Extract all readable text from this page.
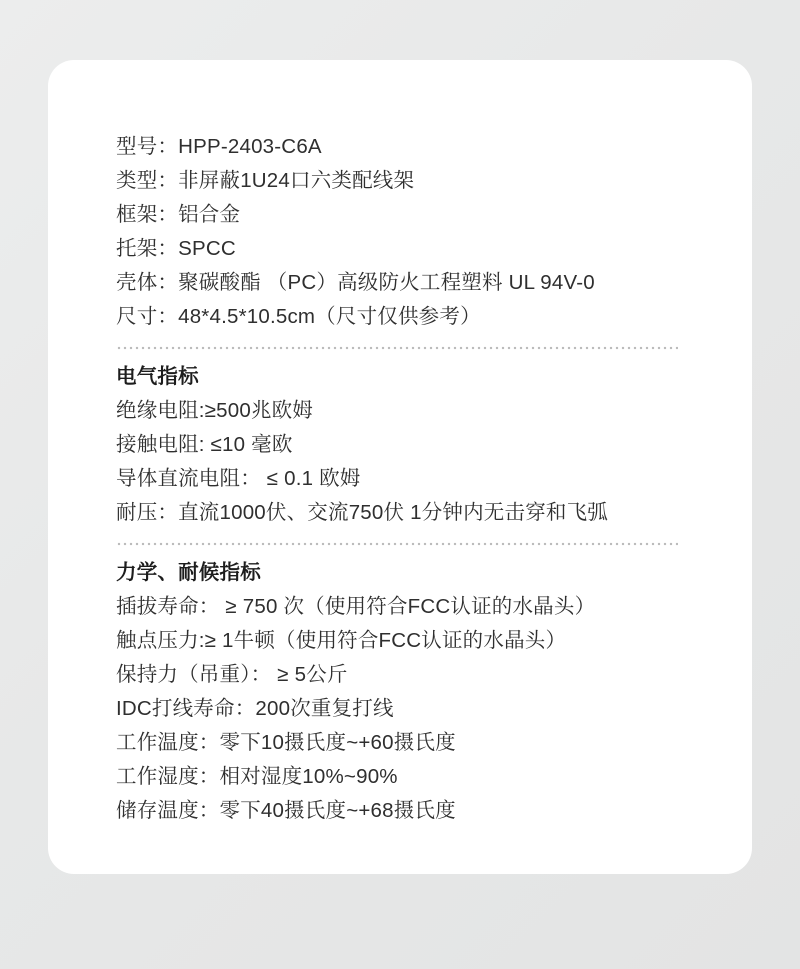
型号：HPP-2403-C6A
类型：非屏蔽1U24口六类配线架
框架：铝合金
托架：SPCC
壳体：聚碳酸酯 （PC）高级防火工程塑料 UL 94V-0
尺寸：48*4.5*10.5cm（尺寸仅供参考）
电气指标
绝缘电阻:≥500兆欧姆
接触电阻: ≤10 毫欧
导体直流电阻： ≤ 0.1 欧姆
耐压：直流1000伏、交流750伏 1分钟内无击穿和飞弧
力学、耐候指标
插拔寿命： ≥ 750 次（使用符合FCC认证的水晶头）
触点压力:≥ 1牛顿（使用符合FCC认证的水晶头）
保持力（吊重）： ≥ 5公斤
IDC打线寿命：200次重复打线
工作温度：零下10摄氏度~+60摄氏度
工作湿度：相对湿度10%~90%
储存温度：零下40摄氏度~+68摄氏度
